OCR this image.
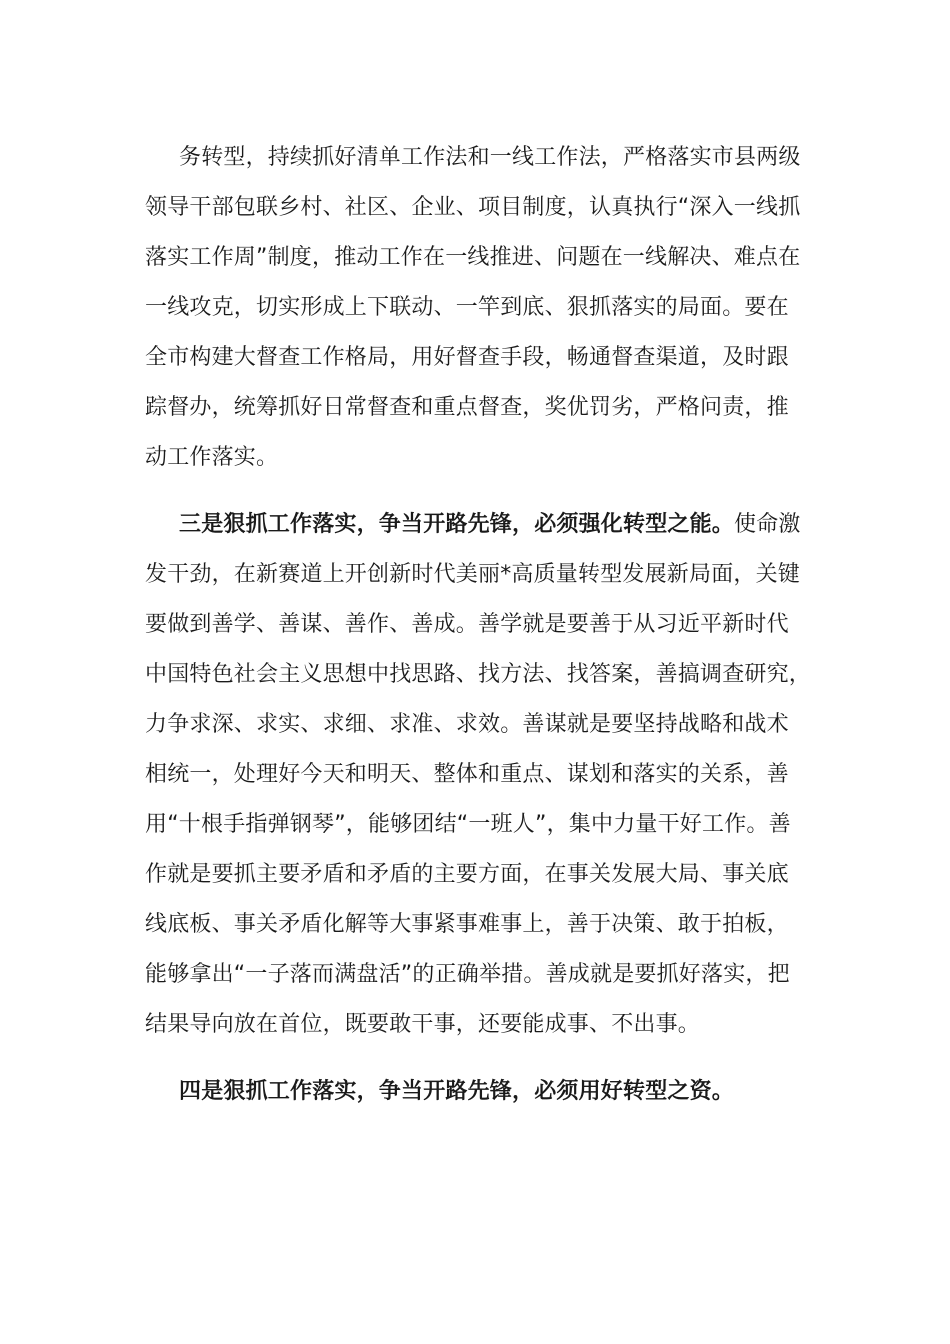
务转型，持续抓好清单工作法和一线工作法，严格落实市县两级
领导干部包联乡村、社区、企业、项目制度，认真执行“深入一线抓
落实工作周”制度，推动工作在一线推进、问题在一线解决、难点在
一线攻克，切实形成上下联动、一竿到底、狠抓落实的局面。要在
全市构建大督查工作格局，用好督查手段，畅通督查渠道，及时跟
踪督办，统筹抓好日常督查和重点督查，奖优罚劣，严格问责，推
动工作落实。
三是狠抓工作落实，争当开路先锋，必须强化转型之能。使命激
发干劲，在新赛道上开创新时代美丽*高质量转型发展新局面，关键
要做到善学、善谋、善作、善成。善学就是要善于从习近平新时代
中国特色社会主义思想中找思路、找方法、找答案，善搞调查研究，
力争求深、求实、求细、求准、求效。善谋就是要坚持战略和战术
相统一，处理好今天和明天、整体和重点、谋划和落实的关系，善
用“十根手指弹钢琴”，能够团结“一班人”，集中力量干好工作。善
作就是要抓主要矛盾和矛盾的主要方面，在事关发展大局、事关底
线底板、事关矛盾化解等大事紧事难事上，善于决策、敢于拍板，
能够拿出“一子落而满盘活”的正确举措。善成就是要抓好落实，把
结果导向放在首位，既要敢干事，还要能成事、不出事。
四是狠抓工作落实，争当开路先锋，必须用好转型之资。
